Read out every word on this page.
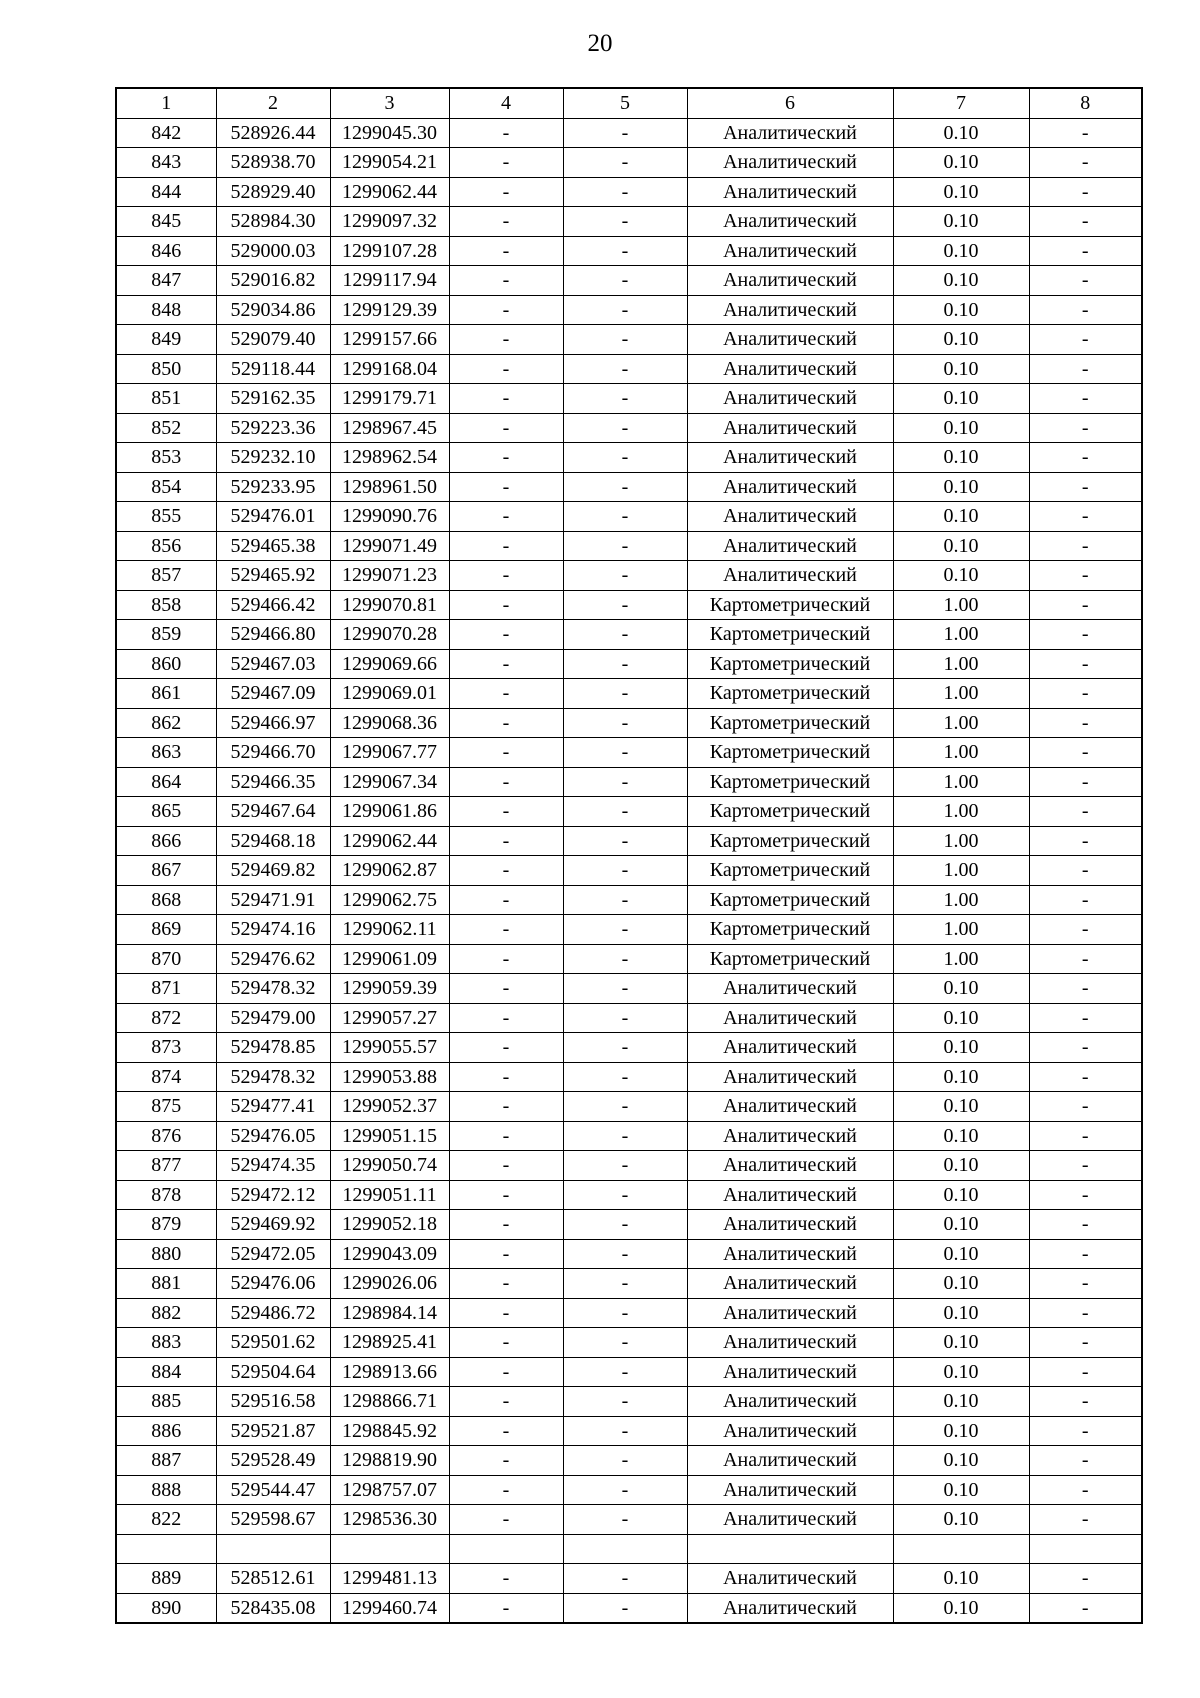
20
1	2	3	4	5	6	7	8
842	528926.44	1299045.30	-	-	Аналитический	0.10	-
843	528938.70	1299054.21	-	-	Аналитический	0.10	-
844	528929.40	1299062.44	-	-	Аналитический	0.10	-
845	528984.30	1299097.32	-	-	Аналитический	0.10	-
846	529000.03	1299107.28	-	-	Аналитический	0.10	-
847	529016.82	1299117.94	-	-	Аналитический	0.10	-
848	529034.86	1299129.39	-	-	Аналитический	0.10	-
849	529079.40	1299157.66	-	-	Аналитический	0.10	-
850	529118.44	1299168.04	-	-	Аналитический	0.10	-
851	529162.35	1299179.71	-	-	Аналитический	0.10	-
852	529223.36	1298967.45	-	-	Аналитический	0.10	-
853	529232.10	1298962.54	-	-	Аналитический	0.10	-
854	529233.95	1298961.50	-	-	Аналитический	0.10	-
855	529476.01	1299090.76	-	-	Аналитический	0.10	-
856	529465.38	1299071.49	-	-	Аналитический	0.10	-
857	529465.92	1299071.23	-	-	Аналитический	0.10	-
858	529466.42	1299070.81	-	-	Картометрический	1.00	-
859	529466.80	1299070.28	-	-	Картометрический	1.00	-
860	529467.03	1299069.66	-	-	Картометрический	1.00	-
861	529467.09	1299069.01	-	-	Картометрический	1.00	-
862	529466.97	1299068.36	-	-	Картометрический	1.00	-
863	529466.70	1299067.77	-	-	Картометрический	1.00	-
864	529466.35	1299067.34	-	-	Картометрический	1.00	-
865	529467.64	1299061.86	-	-	Картометрический	1.00	-
866	529468.18	1299062.44	-	-	Картометрический	1.00	-
867	529469.82	1299062.87	-	-	Картометрический	1.00	-
868	529471.91	1299062.75	-	-	Картометрический	1.00	-
869	529474.16	1299062.11	-	-	Картометрический	1.00	-
870	529476.62	1299061.09	-	-	Картометрический	1.00	-
871	529478.32	1299059.39	-	-	Аналитический	0.10	-
872	529479.00	1299057.27	-	-	Аналитический	0.10	-
873	529478.85	1299055.57	-	-	Аналитический	0.10	-
874	529478.32	1299053.88	-	-	Аналитический	0.10	-
875	529477.41	1299052.37	-	-	Аналитический	0.10	-
876	529476.05	1299051.15	-	-	Аналитический	0.10	-
877	529474.35	1299050.74	-	-	Аналитический	0.10	-
878	529472.12	1299051.11	-	-	Аналитический	0.10	-
879	529469.92	1299052.18	-	-	Аналитический	0.10	-
880	529472.05	1299043.09	-	-	Аналитический	0.10	-
881	529476.06	1299026.06	-	-	Аналитический	0.10	-
882	529486.72	1298984.14	-	-	Аналитический	0.10	-
883	529501.62	1298925.41	-	-	Аналитический	0.10	-
884	529504.64	1298913.66	-	-	Аналитический	0.10	-
885	529516.58	1298866.71	-	-	Аналитический	0.10	-
886	529521.87	1298845.92	-	-	Аналитический	0.10	-
887	529528.49	1298819.90	-	-	Аналитический	0.10	-
888	529544.47	1298757.07	-	-	Аналитический	0.10	-
822	529598.67	1298536.30	-	-	Аналитический	0.10	-

889	528512.61	1299481.13	-	-	Аналитический	0.10	-
890	528435.08	1299460.74	-	-	Аналитический	0.10	-
